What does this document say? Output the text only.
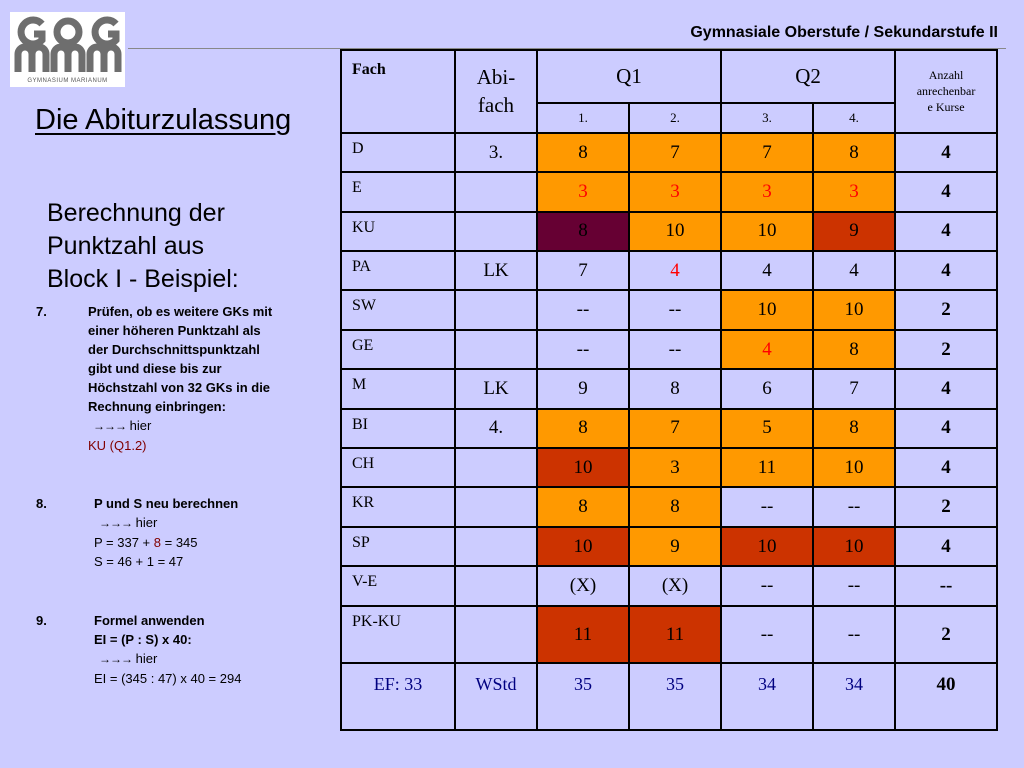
GYMNASIUM MARIANUM
Gymnasiale Oberstufe / Sekundarstufe II
Die Abiturzulassung
Berechnung der
Punktzahl aus
Block I - Beispiel:
7.	Prüfen, ob es weitere GKs mit
einer höheren Punktzahl als
der Durchschnittspunktzahl
gibt und diese bis zur
Höchstzahl von 32 GKs in die
Rechnung einbringen:
→→→ hier
KU (Q1.2)
8.	P und S neu berechnen
→→→ hier
P = 337 + 8 = 345
S = 46 + 1 = 47
9.	Formel anwenden
EI = (P : S) x 40:
→→→ hier
EI = (345 : 47) x 40 = 294
Fach	Abi-
fach	Q1		Q2		Anzahl
anrechenbar
e Kurse
		1.	2.	3.	4.	
D	3.	8	7	7	8	4
E		3	3	3	3	4
KU		8	10	10	9	4
PA	LK	7	4	4	4	4
SW		--	--	10	10	2
GE		--	--	4	8	2
M	LK	9	8	6	7	4
BI	4.	8	7	5	8	4
CH		10	3	11	10	4
KR		8	8	--	--	2
SP		10	9	10	10	4
V-E		(X)	(X)	--	--	--
PK-KU		11	11	--	--	2
EF: 33	WStd	35	35	34	34	40
